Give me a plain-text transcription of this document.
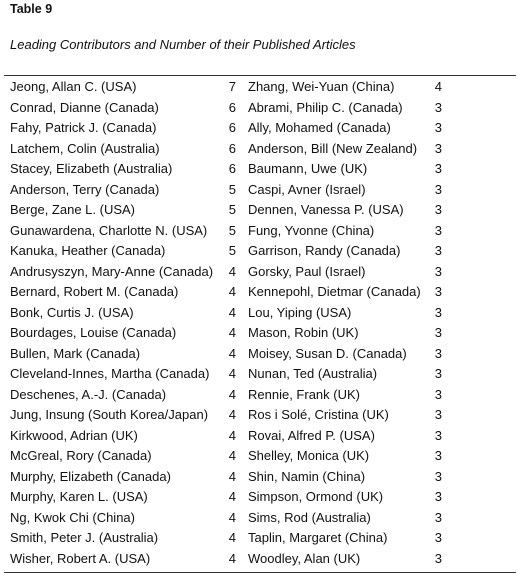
Table 9
Leading Contributors and Number of their Published Articles
Jeong, Allan C. (USA)	7 Zhang, Wei-Yuan (China)	4
Conrad, Dianne (Canada)	6 Abrami, Philip C. (Canada) 3
Fahy, Patrick J. (Canada)	6 Ally, Mohamed (Canada)	3
Latchem, Colin (Australia)	6 Anderson, Bill (New Zealand) 3
Stacey, Elizabeth (Australia)	6 Baumann, Uwe (UK)	3
Anderson, Terry (Canada)	5 Caspi, Avner (Israel)	3
Berge, Zane L. (USA)	5 Dennen, Vanessa P. (USA) 3
Gunawardena, Charlotte N. (USA) 5 Fung, Yvonne (China)	3
Kanuka, Heather (Canada)	5 Garrison, Randy (Canada)	3
Andrusyszyn, Mary-Anne (Canada) 4 Gorsky, Paul (Israel)	3
Bernard, Robert M. (Canada)	4 Kennepohl, Dietmar (Canada) 3
Bonk, Curtis J. (USA)	4 Lou, Yiping (USA)	3
Bourdages, Louise (Canada)	4 Mason, Robin (UK)	3
Bullen, Mark (Canada)	4 Moisey, Susan D. (Canada) 3
Cleveland-Innes, Martha (Canada) 4 Nunan, Ted (Australia)	3
Deschenes, A.-J. (Canada)	4 Rennie, Frank (UK)	3
Jung, Insung (South Korea/Japan) 4 Ros i Solé, Cristina (UK)	3
Kirkwood, Adrian (UK)	4 Rovai, Alfred P. (USA)	3
McGreal, Rory (Canada)	4 Shelley, Monica (UK)	3
Murphy, Elizabeth (Canada)	4 Shin, Namin (China)	3
Murphy, Karen L. (USA)	4 Simpson, Ormond (UK)	3
Ng, Kwok Chi (China)	4 Sims, Rod (Australia)	3
Smith, Peter J. (Australia)	4 Taplin, Margaret (China)	3
Wisher, Robert A. (USA)	4 Woodley, Alan (UK)	3
